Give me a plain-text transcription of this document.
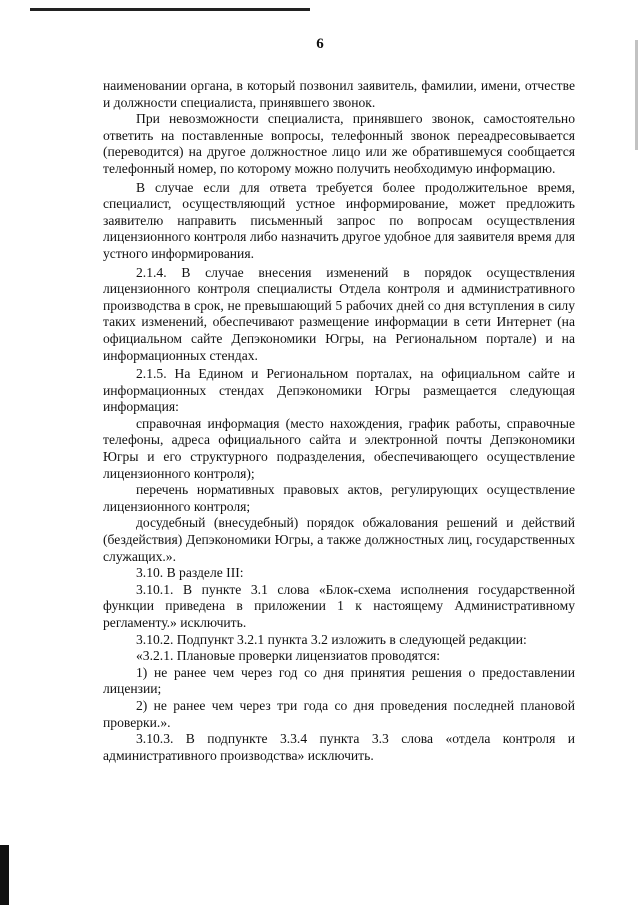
6

наименовании органа, в который позвонил заявитель, фамилии, имени, отчестве и должности специалиста, принявшего звонок.

При невозможности специалиста, принявшего звонок, самостоятельно ответить на поставленные вопросы, телефонный звонок переадресовывается (переводится) на другое должностное лицо или же обратившемуся сообщается телефонный номер, по которому можно получить необходимую информацию.

В случае если для ответа требуется более продолжительное время, специалист, осуществляющий устное информирование, может предложить заявителю направить письменный запрос по вопросам осуществления лицензионного контроля либо назначить другое удобное для заявителя время для устного информирования.

2.1.4. В случае внесения изменений в порядок осуществления лицензионного контроля специалисты Отдела контроля и административного производства в срок, не превышающий 5 рабочих дней со дня вступления в силу таких изменений, обеспечивают размещение информации в сети Интернет (на официальном сайте Депэкономики Югры, на Региональном портале) и на информационных стендах.

2.1.5. На Едином и Региональном порталах, на официальном сайте и информационных стендах Депэкономики Югры размещается следующая информация:

справочная информация (место нахождения, график работы, справочные телефоны, адреса официального сайта и электронной почты Депэкономики Югры и его структурного подразделения, обеспечивающего осуществление лицензионного контроля);

перечень нормативных правовых актов, регулирующих осуществление лицензионного контроля;

досудебный (внесудебный) порядок обжалования решений и действий (бездействия) Депэкономики Югры, а также должностных лиц, государственных служащих.».

3.10. В разделе III:

3.10.1. В пункте 3.1 слова «Блок-схема исполнения государственной функции приведена в приложении 1 к настоящему Административному регламенту.» исключить.

3.10.2. Подпункт 3.2.1 пункта 3.2 изложить в следующей редакции:

«3.2.1. Плановые проверки лицензиатов проводятся:

1) не ранее чем через год со дня принятия решения о предоставлении лицензии;

2) не ранее чем через три года со дня проведения последней плановой проверки.».

3.10.3. В подпункте 3.3.4 пункта 3.3 слова «отдела контроля и административного производства» исключить.
